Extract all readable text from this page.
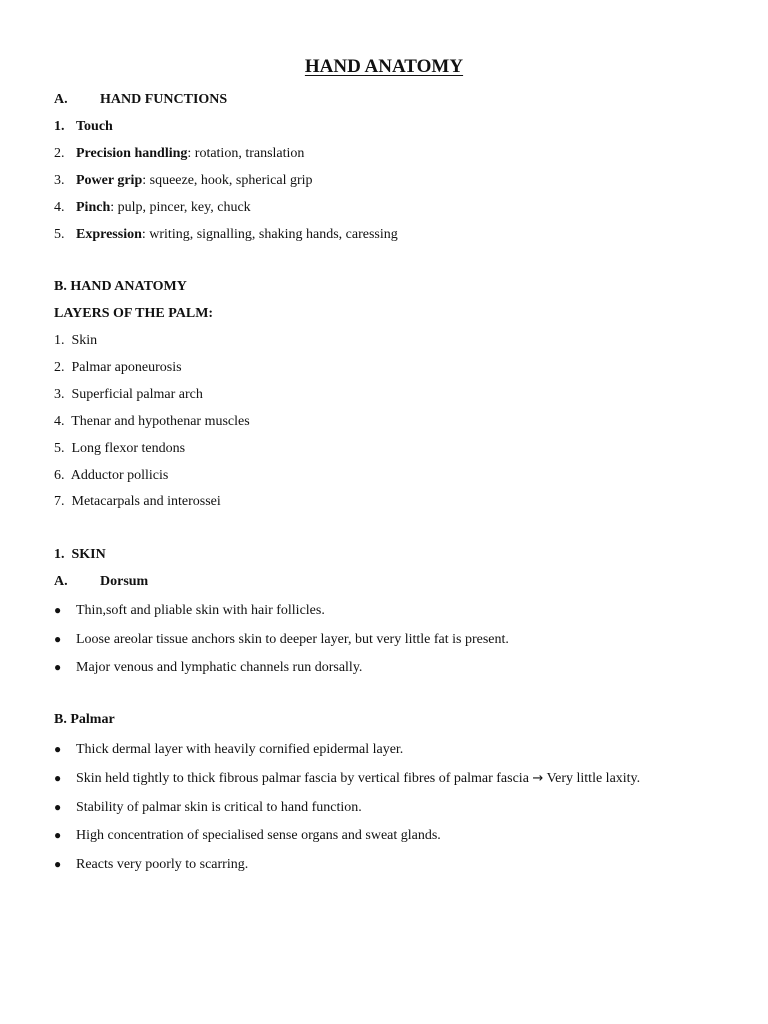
HAND ANATOMY
A. HAND FUNCTIONS
1. Touch
2. Precision handling: rotation, translation
3. Power grip: squeeze, hook, spherical grip
4. Pinch: pulp, pincer, key, chuck
5. Expression: writing, signalling, shaking hands, caressing
B. HAND ANATOMY
LAYERS OF THE PALM:
1.  Skin
2.  Palmar aponeurosis
3.  Superficial palmar arch
4.  Thenar and hypothenar muscles
5.  Long flexor tendons
6.  Adductor pollicis
7.  Metacarpals and interossei
1.  SKIN
A. Dorsum
● Thin,soft and pliable skin with hair follicles.
● Loose areolar tissue anchors skin to deeper layer, but very little fat is present.
● Major venous and lymphatic channels run dorsally.
B. Palmar
● Thick dermal layer with heavily cornified epidermal layer.
● Skin held tightly to thick fibrous palmar fascia by vertical fibres of palmar fascia → Very little laxity.
● Stability of palmar skin is critical to hand function.
● High concentration of specialised sense organs and sweat glands.
● Reacts very poorly to scarring.
